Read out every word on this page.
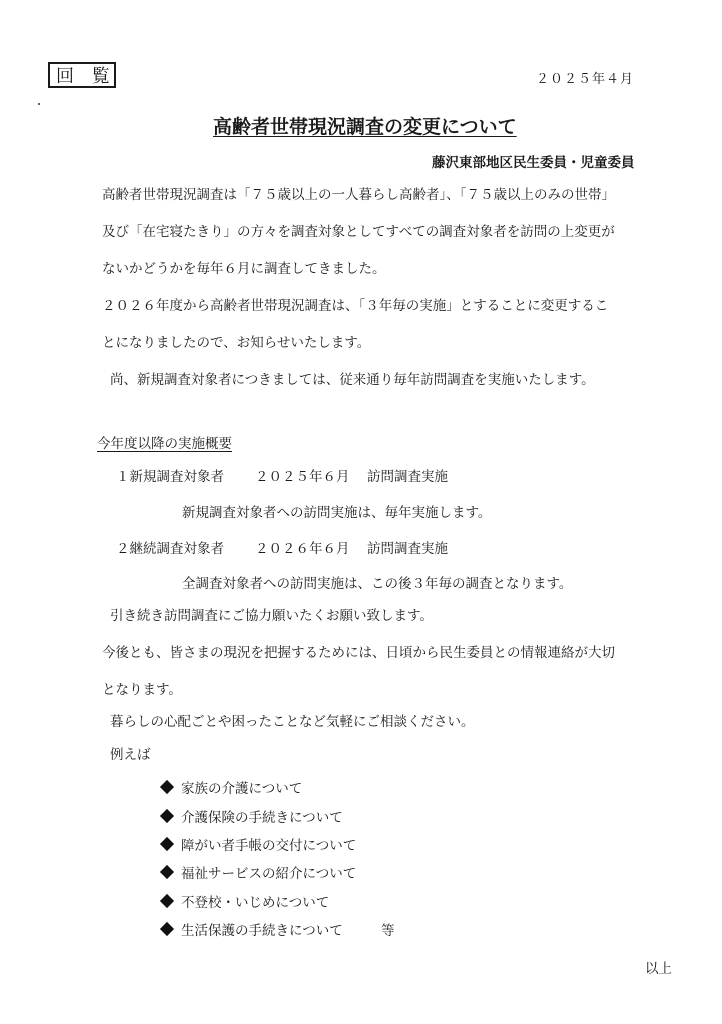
回 覧	２０２５年４月
高齢者世帯現況調査の変更について
藤沢東部地区民生委員・児童委員
高齢者世帯現況調査は「７５歳以上の一人暮らし高齢者」、「７５歳以上のみの世帯」
及び「在宅寝たきり」の方々を調査対象としてすべての調査対象者を訪問の上変更が
ないかどうかを毎年６月に調査してきました。
２０２６年度から高齢者世帯現況調査は、「３年毎の実施」とすることに変更するこ
とになりましたので、お知らせいたします。
尚、新規調査対象者につきましては、従来通り毎年訪問調査を実施いたします。
今年度以降の実施概要
１新規調査対象者 ２０２５年６月 訪問調査実施
新規調査対象者への訪問実施は、毎年実施します。
２継続調査対象者 ２０２６年６月 訪問調査実施
全調査対象者への訪問実施は、この後３年毎の調査となります。
引き続き訪問調査にご協力願いたくお願い致します。
今後とも、皆さまの現況を把握するためには、日頃から民生委員との情報連絡が大切
となります。
暮らしの心配ごとや困ったことなど気軽にご相談ください。
例えば
家族の介護について
介護保険の手続きについて
障がい者手帳の交付について
福祉サービスの紹介について
不登校・いじめについて
生活保護の手続きについて	等
以上
